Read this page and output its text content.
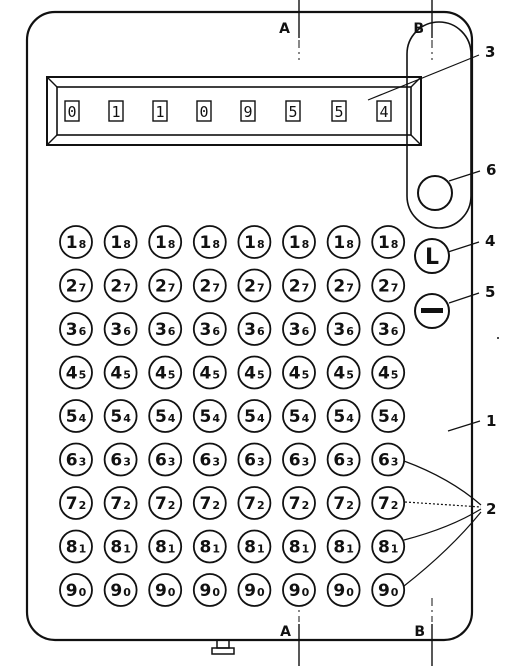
A	B
A	B
0 1 1 0 9 5 5 4
18 18 18 18 18 18 18 18
27 27 27 27 27 27 27 27
36 36 36 36 36 36 36 36
45 45 45 45 45 45 45 45
54 54 54 54 54 54 54 54
63 63 63 63 63 63 63 63
72 72 72 72 72 72 72 72
81 81 81 81 81 81 81 81
90 90 90 90 90 90 90 90
L
3
6
4
5
1
2
